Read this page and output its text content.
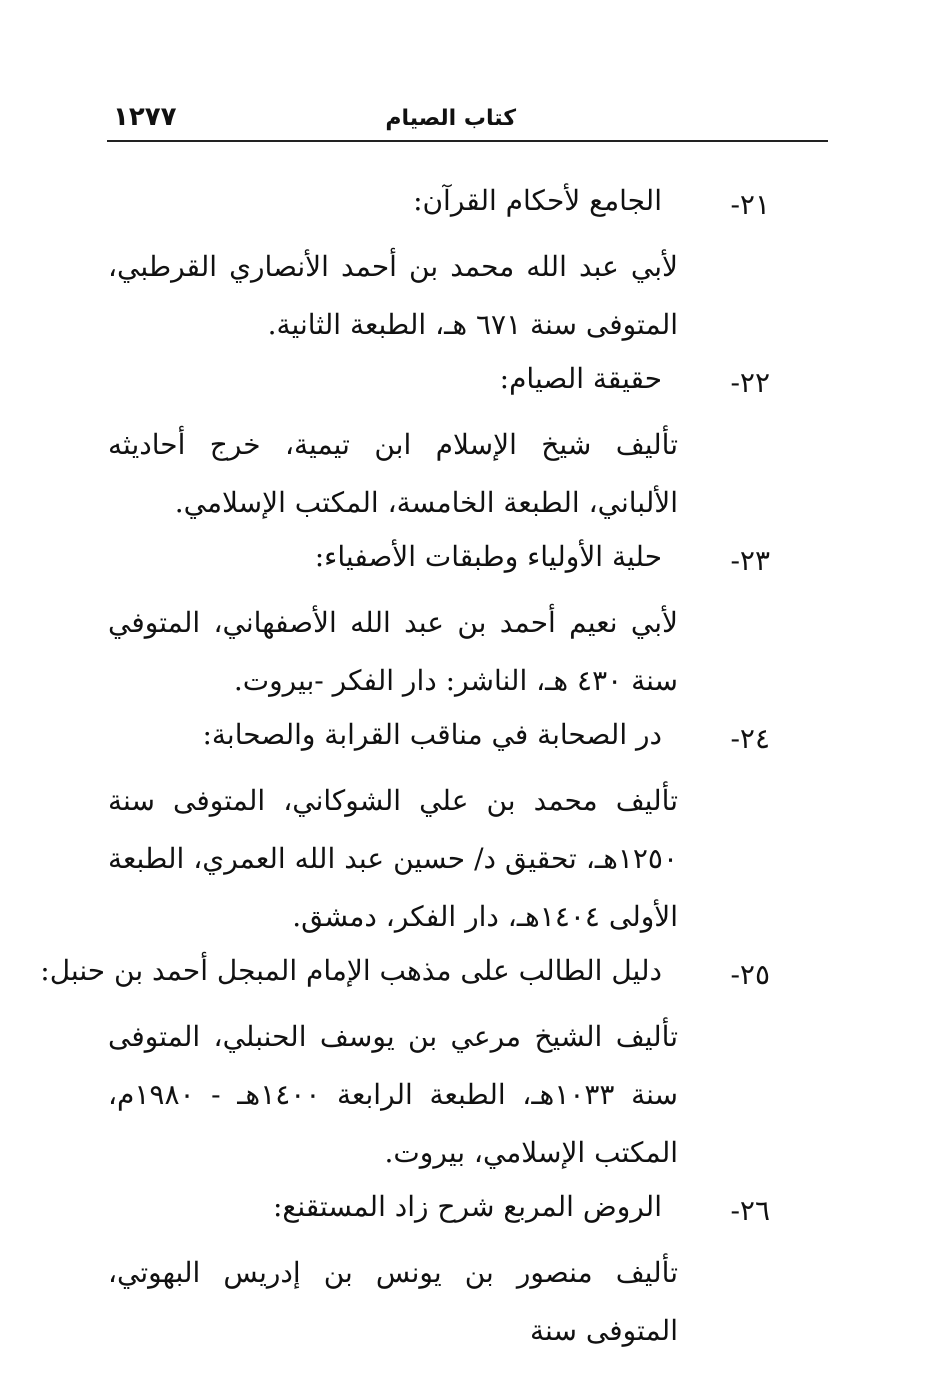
كتاب الصيام
١٢٧٧
٢١-
الجامع لأحكام القرآن:

لأبي عبد الله محمد بن أحمد الأنصاري القرطبي، المتوفى سنة ٦٧١ هـ، الطبعة الثانية.

٢٢-
حقيقة الصيام:

تأليف شيخ الإسلام ابن تيمية، خرج أحاديثه الألباني، الطبعة الخامسة، المكتب الإسلامي.

٢٣-
حلية الأولياء وطبقات الأصفياء:

لأبي نعيم أحمد بن عبد الله الأصفهاني، المتوفي سنة ٤٣٠ هـ، الناشر: دار الفكر -بيروت.

٢٤-
در الصحابة في مناقب القرابة والصحابة:

تأليف محمد بن علي الشوكاني، المتوفى سنة ١٢٥٠هـ، تحقيق د/ حسين عبد الله العمري، الطبعة الأولى ١٤٠٤هـ، دار الفكر، دمشق.

٢٥-
دليل الطالب على مذهب الإمام المبجل أحمد بن حنبل:

تأليف الشيخ مرعي بن يوسف الحنبلي، المتوفى سنة ١٠٣٣هـ، الطبعة الرابعة ١٤٠٠هـ - ١٩٨٠م، المكتب الإسلامي، بيروت.

٢٦-
الروض المربع شرح زاد المستقنع:

تأليف منصور بن يونس بن إدريس البهوتي، المتوفى سنة
